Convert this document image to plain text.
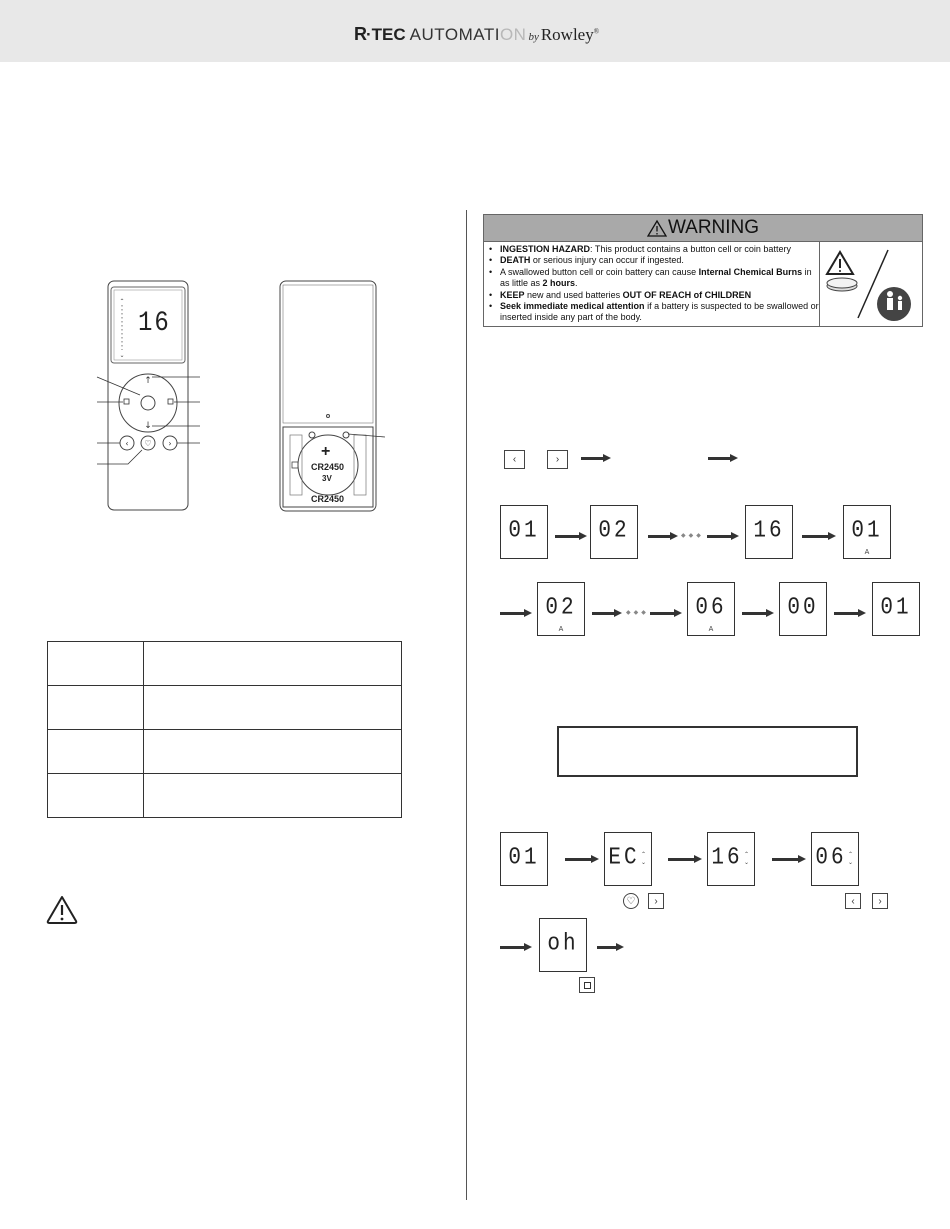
R ·TEC AUTOMATION by Rowley®
⌃
⌄
↑
↓
‹ ♡ ›
16
+
CR2450
3V
CR2450

WARNING
• INGESTION HAZARD: This product contains a button cell or coin battery
• DEATH or serious injury can occur if ingested.
• A swallowed button cell or coin battery can cause Internal Chemical Burns in as little as 2 hours.
• KEEP new and used batteries OUT OF REACH of CHILDREN
• Seek immediate medical attention if a battery is suspected to be swallowed or inserted inside any part of the body.
‹	›
01	02	◆◆◆	16	01
A
02
A
◆◆◆	06
A
00	01
01	EC ⌃
⌄	16 ⌃
⌄	06 ⌃
⌄
♡	›	‹	›
oh
